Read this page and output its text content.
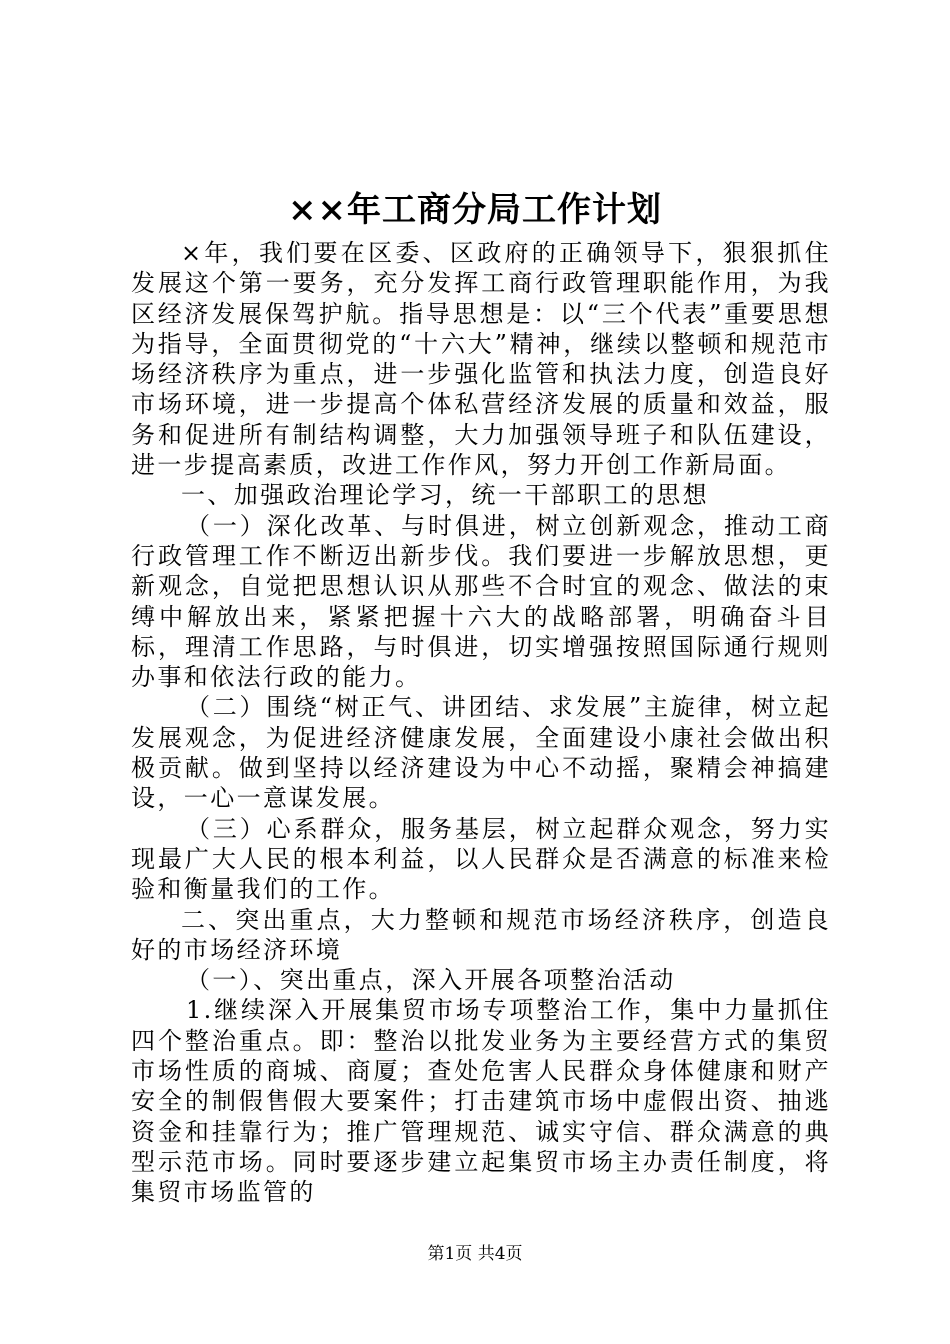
××年工商分局工作计划

×年，我们要在区委、区政府的正确领导下，狠狠抓住发展这个第一要务，充分发挥工商行政管理职能作用，为我区经济发展保驾护航。指导思想是：以“三个代表”重要思想为指导，全面贯彻党的“十六大”精神，继续以整顿和规范市场经济秩序为重点，进一步强化监管和执法力度，创造良好市场环境，进一步提高个体私营经济发展的质量和效益，服务和促进所有制结构调整，大力加强领导班子和队伍建设，进一步提高素质，改进工作作风，努力开创工作新局面。

一、加强政治理论学习，统一干部职工的思想

（一）深化改革、与时俱进，树立创新观念，推动工商行政管理工作不断迈出新步伐。我们要进一步解放思想，更新观念，自觉把思想认识从那些不合时宜的观念、做法的束缚中解放出来，紧紧把握十六大的战略部署，明确奋斗目标，理清工作思路，与时俱进，切实增强按照国际通行规则办事和依法行政的能力。

（二）围绕“树正气、讲团结、求发展”主旋律，树立起发展观念，为促进经济健康发展，全面建设小康社会做出积极贡献。做到坚持以经济建设为中心不动摇，聚精会神搞建设，一心一意谋发展。

（三）心系群众，服务基层，树立起群众观念，努力实现最广大人民的根本利益，以人民群众是否满意的标准来检验和衡量我们的工作。

二、突出重点，大力整顿和规范市场经济秩序，创造良好的市场经济环境

（一）、突出重点，深入开展各项整治活动

1.继续深入开展集贸市场专项整治工作，集中力量抓住四个整治重点。即：整治以批发业务为主要经营方式的集贸市场性质的商城、商厦；查处危害人民群众身体健康和财产安全的制假售假大要案件；打击建筑市场中虚假出资、抽逃资金和挂靠行为；推广管理规范、诚实守信、群众满意的典型示范市场。同时要逐步建立起集贸市场主办责任制度，将集贸市场监管的

第1页 共4页
